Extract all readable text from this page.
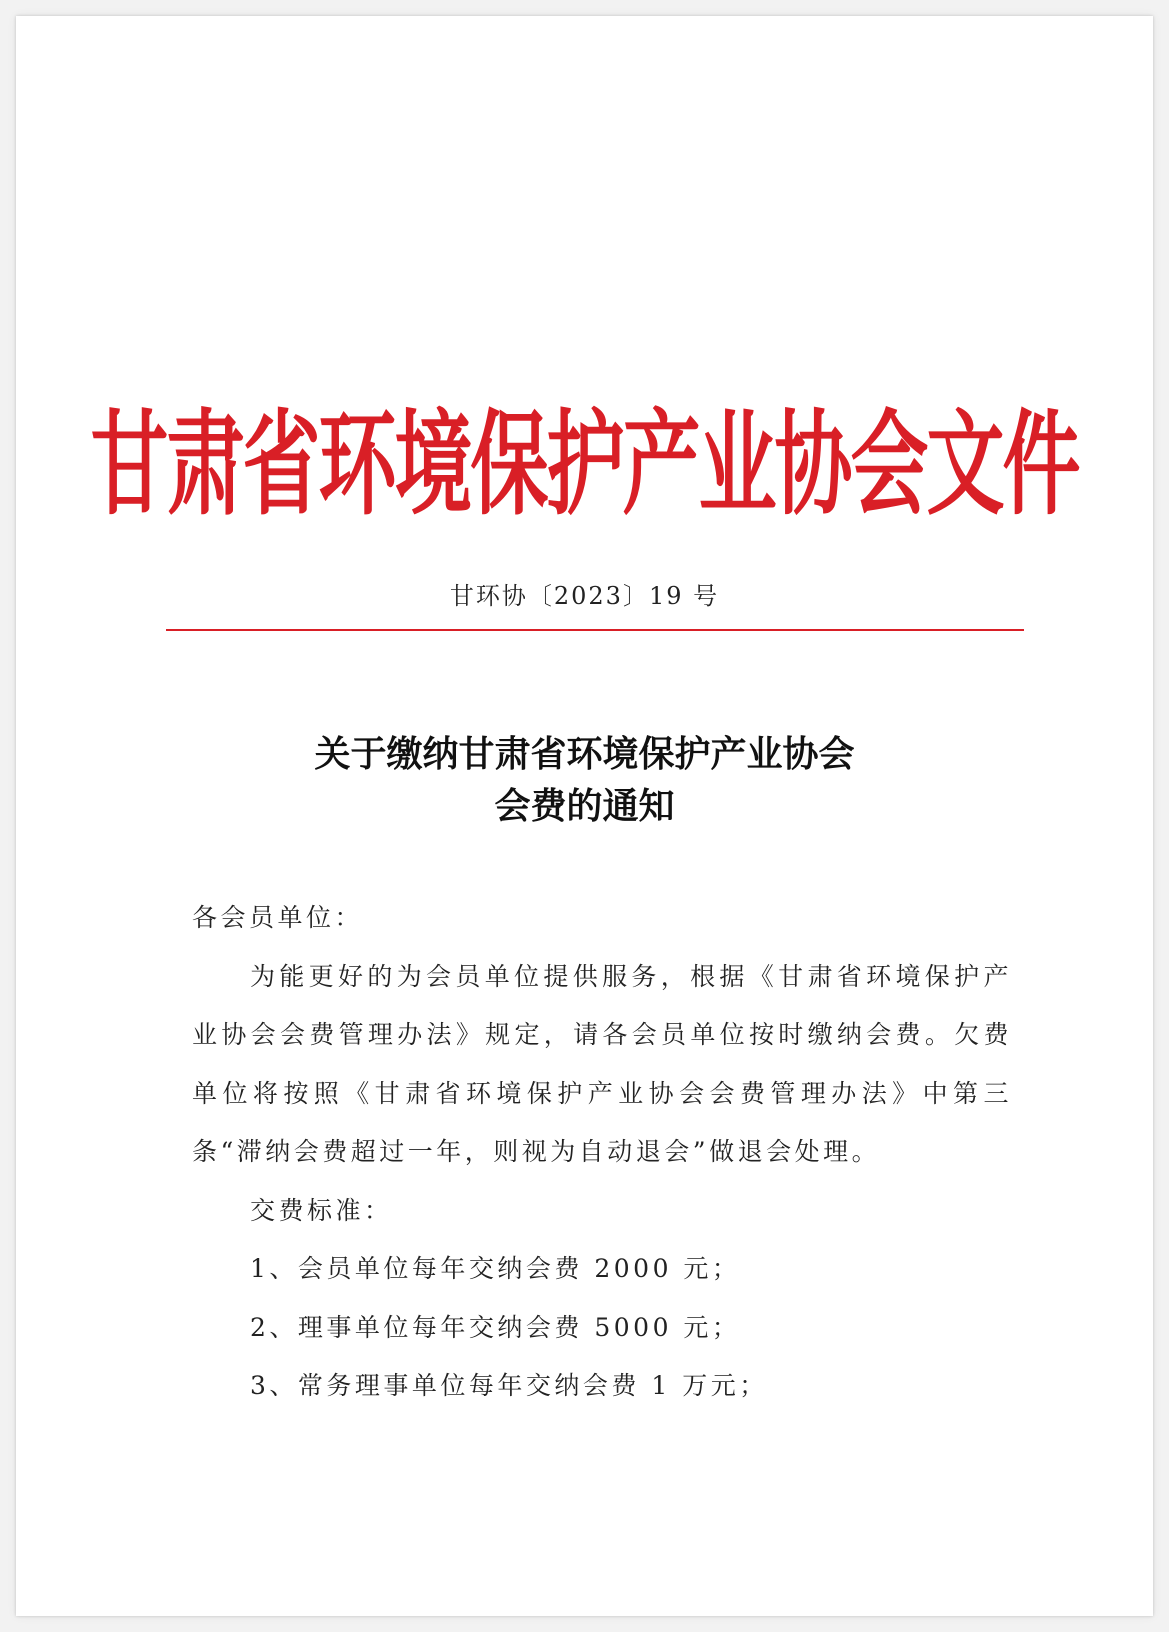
甘肃省环境保护产业协会文件
甘环协〔2023〕19 号
关于缴纳甘肃省环境保护产业协会
会费的通知

各会员单位：

为能更好的为会员单位提供服务，根据《甘肃省环境保护产业协会会费管理办法》规定，请各会员单位按时缴纳会费。欠费单位将按照《甘肃省环境保护产业协会会费管理办法》中第三条“滞纳会费超过一年，则视为自动退会”做退会处理。

交费标准：

1、会员单位每年交纳会费 2000 元；

2、理事单位每年交纳会费 5000 元；

3、常务理事单位每年交纳会费 1 万元；
